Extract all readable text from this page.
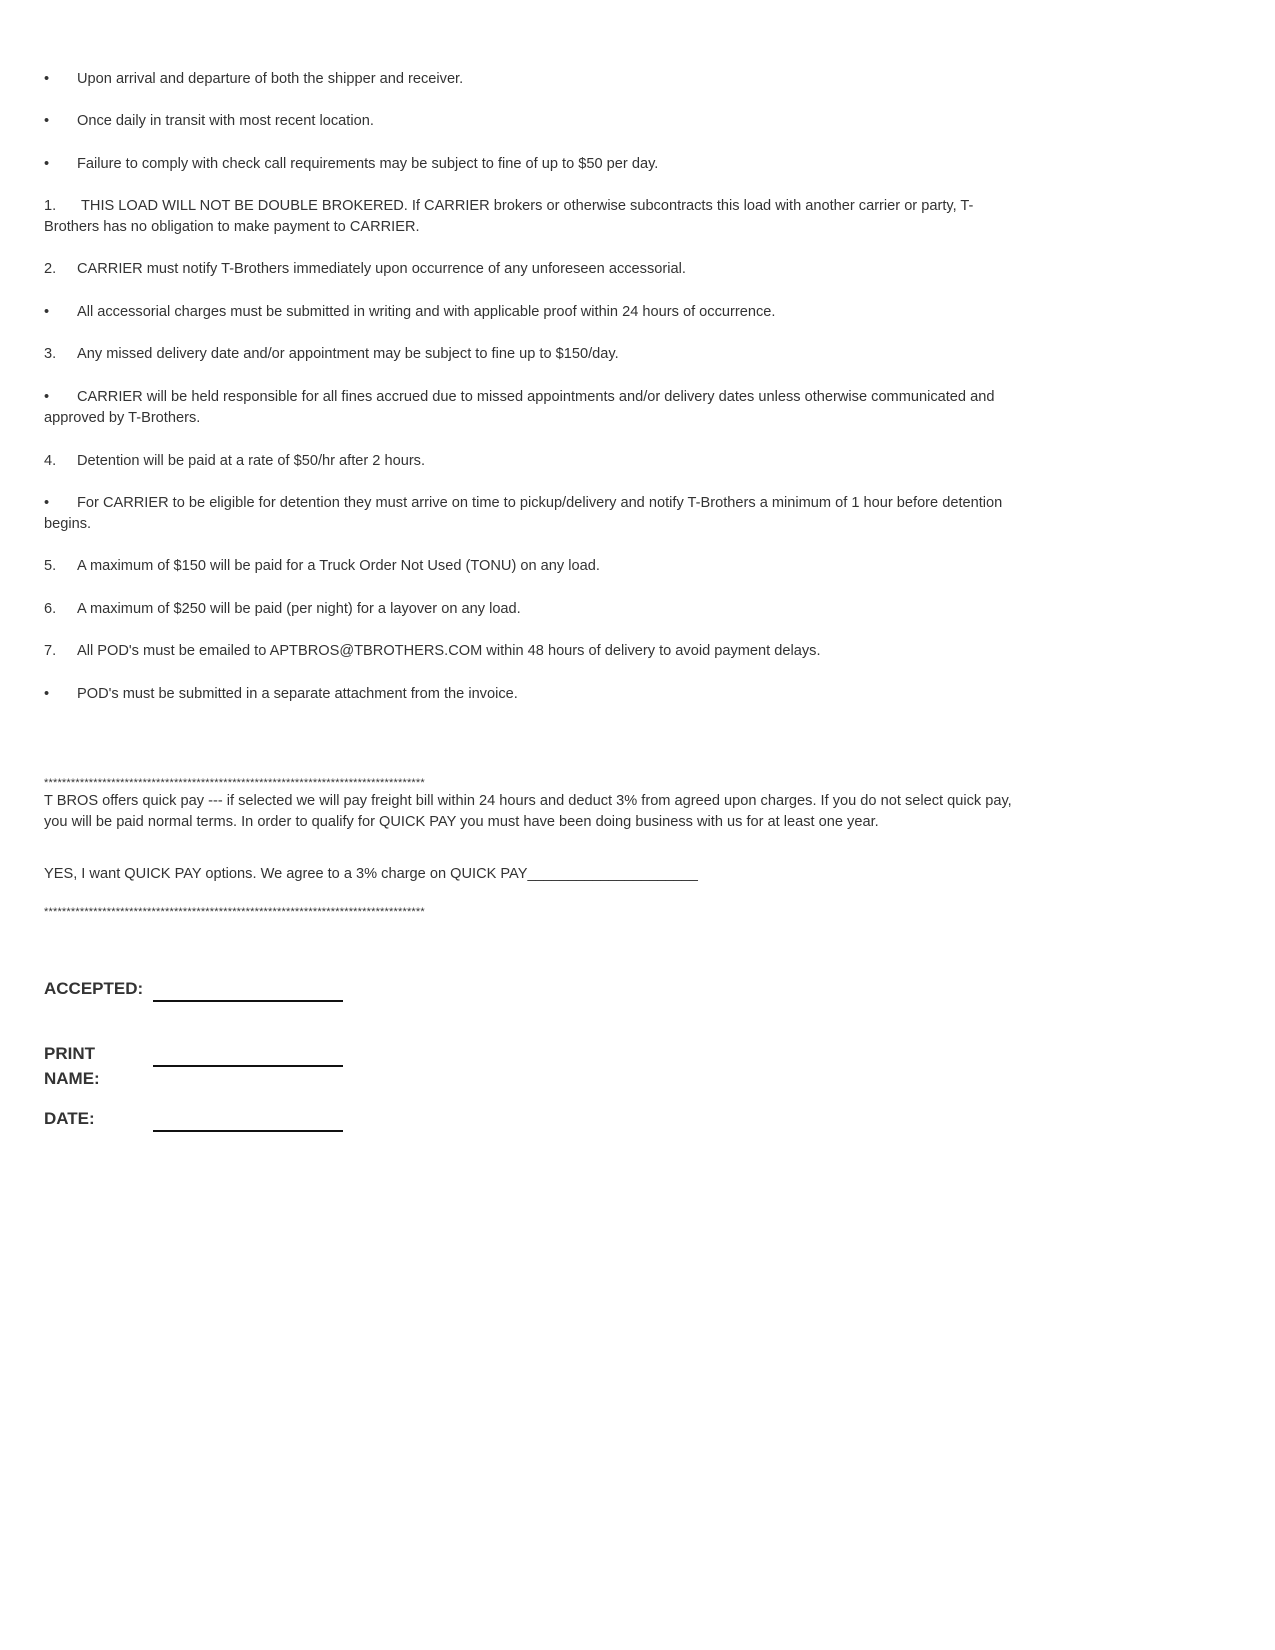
• Upon arrival and departure of both the shipper and receiver.
• Once daily in transit with most recent location.
• Failure to comply with check call requirements may be subject to fine of up to $50 per day.
1. THIS LOAD WILL NOT BE DOUBLE BROKERED. If CARRIER brokers or otherwise subcontracts this load with another carrier or party, T-Brothers has no obligation to make payment to CARRIER.
2. CARRIER must notify T-Brothers immediately upon occurrence of any unforeseen accessorial.
• All accessorial charges must be submitted in writing and with applicable proof within 24 hours of occurrence.
3. Any missed delivery date and/or appointment may be subject to fine up to $150/day.
• CARRIER will be held responsible for all fines accrued due to missed appointments and/or delivery dates unless otherwise communicated and approved by T-Brothers.
4. Detention will be paid at a rate of $50/hr after 2 hours.
• For CARRIER to be eligible for detention they must arrive on time to pickup/delivery and notify T-Brothers a minimum of 1 hour before detention begins.
5. A maximum of $150 will be paid for a Truck Order Not Used (TONU) on any load.
6. A maximum of $250 will be paid (per night) for a layover on any load.
7. All POD's must be emailed to APTBROS@TBROTHERS.COM within 48 hours of delivery to avoid payment delays.
• POD's must be submitted in a separate attachment from the invoice.
*************************************************************************************
T BROS offers quick pay --- if selected we will pay freight bill within 24 hours and deduct 3% from agreed upon charges. If you do not select quick pay, you will be paid normal terms. In order to qualify for QUICK PAY you must have been doing business with us for at least one year.
YES, I want QUICK PAY options. We agree to a 3% charge on QUICK PAY_____________________
*************************************************************************************
ACCEPTED:
PRINT
NAME:
DATE:
